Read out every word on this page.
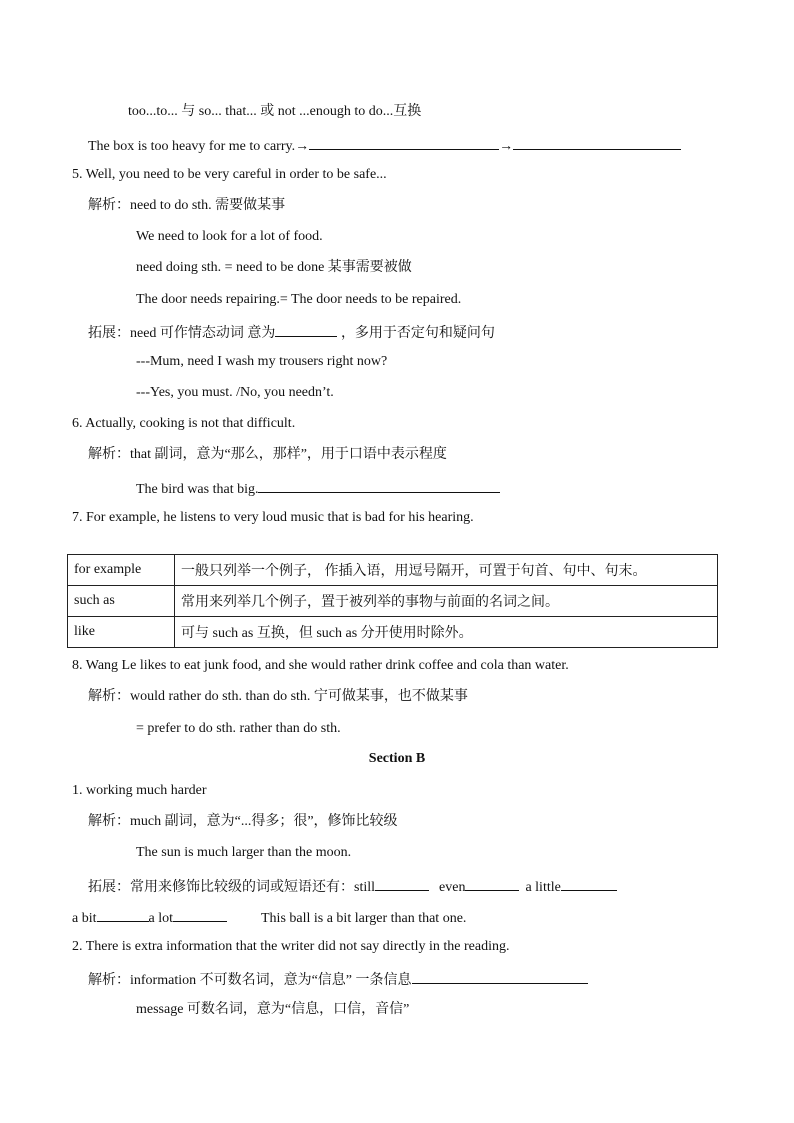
too...to... 与 so... that... 或 not ...enough to do...互换
The box is too heavy for me to carry.→	→
5. Well, you need to be very careful in order to be safe...
解析：need to do sth. 需要做某事
We need to look for a lot of food.
need doing sth. = need to be done 某事需要被做
The door needs repairing.= The door needs to be repaired.
拓展：need 可作情态动词 意为	，多用于否定句和疑问句
---Mum, need I wash my trousers right now?
---Yes, you must. /No, you needn’t.
6. Actually, cooking is not that difficult.
解析：that 副词，意为“那么，那样”，用于口语中表示程度
The bird was that big.
7. For example, he listens to very loud music that is bad for his hearing.
for example	一般只列举一个例子， 作插入语，用逗号隔开，可置于句首、句中、句末。
such as	常用来列举几个例子，置于被列举的事物与前面的名词之间。
like	可与 such as 互换，但 such as 分开使用时除外。
8. Wang Le likes to eat junk food, and she would rather drink coffee and cola than water.
解析：would rather do sth. than do sth. 宁可做某事，也不做某事
= prefer to do sth. rather than do sth.
Section B
1. working much harder
解析：much 副词，意为“...得多；很”，修饰比较级
The sun is much larger than the moon.
拓展：常用来修饰比较级的词或短语还有：still	even	a little
a bit	a lot	This ball is a bit larger than that one.
2. There is extra information that the writer did not say directly in the reading.
解析：information 不可数名词，意为“信息” 一条信息
message 可数名词，意为“信息，口信，音信”
